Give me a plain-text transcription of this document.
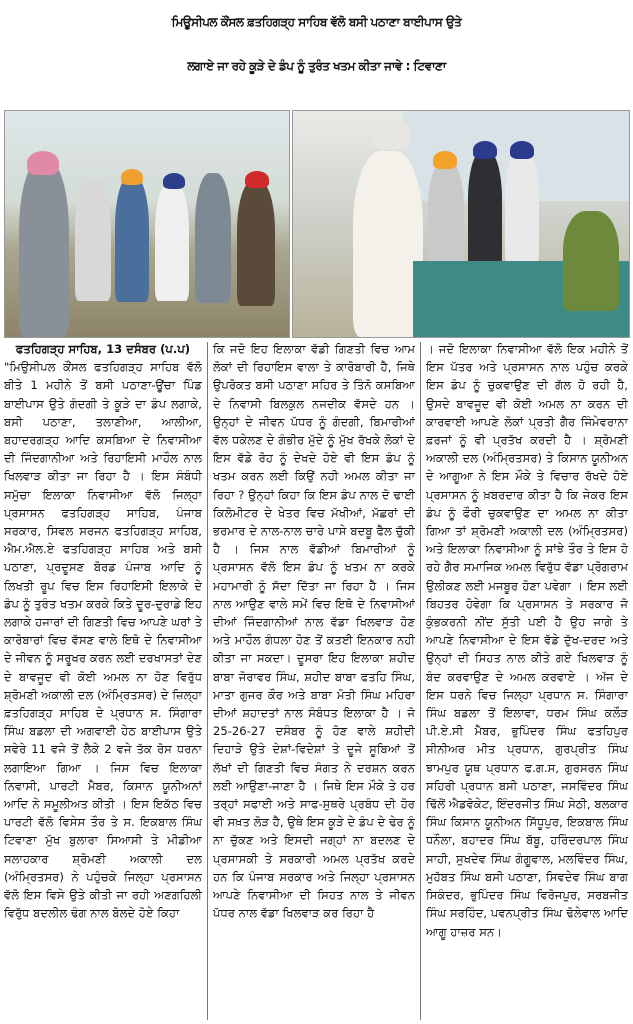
ਮਿਊਸੀਪਲ ਕੌਂਸਲ ਫ਼ਤਹਿਗੜ੍ਹ ਸਾਹਿਬ ਵੱਲੋ ਬਸੀ ਪਠਾਣਾ ਬਾਈਪਾਸ ਉਤੇ
ਲਗਾਏ ਜਾ ਰਹੇ ਕੂੜੇ ਦੇ ਡੰਪ ਨੂੰ ਤੁਰੰਤ ਖਤਮ ਕੀਤਾ ਜਾਵੇ : ਟਿਵਾਣਾ
ਫਤਹਿਗੜ੍ਹ ਸਾਹਿਬ, 13 ਦਸੰਬਰ (ਪ.ਪ)
"ਮਿਉਸੀਪਲ ਕੌਂਸਲ ਫਤਹਿਗੜ੍ਹ ਸਾਹਿਬ ਵੱਲੋ ਬੀਤੇ 1 ਮਹੀਨੇ ਤੋਂ ਬਸੀ ਪਠਾਣਾ-ਊਂਚਾ ਪਿੰਡ ਬਾਈਪਾਸ ਉਤੇ ਗੰਦਗੀ ਤੇ ਕੂੜੇ ਦਾ ਡੰਪ ਲਗਾਕੇ, ਬਸੀ ਪਠਾਣਾ, ਤਲਾਣੀਆ, ਆਲੀਆ, ਬਹਾਦਰਗੜ੍ਹ ਆਦਿ ਕਸਬਿਆ ਦੇ ਨਿਵਾਸੀਆ ਦੀ ਜਿੰਦਗਾਨੀਆ ਅਤੇ ਰਿਹਾਇਸੀ ਮਾਹੌਲ ਨਾਲ ਖਿਲਵਾੜ ਕੀਤਾ ਜਾ ਰਿਹਾ ਹੈ । ਇਸ ਸੰਬੰਧੀ ਸਮੁੱਚਾ ਇਲਾਕਾ ਨਿਵਾਸੀਆ ਵੱਲੋ ਜਿਲ੍ਹਾ ਪ੍ਰਸਾਸਨ ਫਤਹਿਗੜ੍ਹ ਸਾਹਿਬ, ਪੰਜਾਬ ਸਰਕਾਰ, ਸਿਵਲ ਸਰਜਨ ਫਤਹਿਗੜ੍ਹ ਸਾਹਿਬ, ਐਮ.ਐਲ.ਏ ਫਤਹਿਗੜ੍ਹ ਸਾਹਿਬ ਅਤੇ ਬਸੀ ਪਠਾਣਾ, ਪ੍ਰਦੂਸਣ ਬੋਰਡ ਪੰਜਾਬ ਆਦਿ ਨੂੰ ਲਿਖਤੀ ਰੂਪ ਵਿਚ ਇਸ ਰਿਹਾਇਸੀ ਇਲਾਕੇ ਦੇ ਡੰਪ ਨੂੰ ਤੁਰੰਤ ਖਤਮ ਕਰਕੇ ਕਿਤੇ ਦੂਰ-ਦੁਰਾਡੇ ਇਹ ਲਗਾਕੇ ਹਜਾਰਾਂ ਦੀ ਗਿਣਤੀ ਵਿਚ ਆਪਣੇ ਘਰਾਂ ਤੇ ਕਾਰੋਬਾਰਾਂ ਵਿਚ ਵੱਸਣ ਵਾਲੇ ਇਥੋ ਦੇ ਨਿਵਾਸੀਆ ਦੇ ਜੀਵਨ ਨੂੰ ਸਰੂਖਰ ਕਰਨ ਲਈ ਦਰਖਾਸਤਾਂ ਦੇਣ ਦੇ ਬਾਵਜੂਦ ਵੀ ਕੋਈ ਅਮਲ ਨਾ ਹੋਣ ਵਿਰੁੱਧ ਸ਼੍ਰੋਮਣੀ ਅਕਾਲੀ ਦਲ (ਅੰਮ੍ਰਿਤਸਰ) ਦੇ ਜ਼ਿਲ੍ਹਾ ਫ਼ਤਹਿਗੜ੍ਹ ਸਾਹਿਬ ਦੇ ਪ੍ਰਧਾਨ ਸ. ਸਿੰਗਾਰਾ ਸਿੰਘ ਬਡਲਾ ਦੀ ਅਗਵਾਈ ਹੇਠ ਬਾਈਪਾਸ ਉਤੇ ਸਵੇਰੇ 11 ਵਜੇ ਤੋਂ ਲੈਕੇ 2 ਵਜੇ ਤੱਕ ਰੋਸ ਧਰਨਾ ਲਗਾਇਆ ਗਿਆ । ਜਿਸ ਵਿਚ ਇਲਾਕਾ ਨਿਵਾਸੀ, ਪਾਰਟੀ ਮੈਬਰ, ਕਿਸਾਨ ਯੂਨੀਅਨਾਂ ਆਦਿ ਨੇ ਸਮੂਲੀਅਤ ਕੀਤੀ । ਇਸ ਇਕੱਠ ਵਿਚ ਪਾਰਟੀ ਵੱਲੋ ਵਿਸੇਸ ਤੌਰ ਤੇ ਸ. ਇਕਬਾਲ ਸਿੰਘ ਟਿਵਾਣਾ ਮੁੱਖ ਬੁਲਾਰਾ ਸਿਆਸੀ ਤੇ ਮੀਡੀਆ ਸਲਾਹਕਾਰ ਸ਼੍ਰੋਮਣੀ ਅਕਾਲੀ ਦਲ (ਅੰਮ੍ਰਿਤਸਰ) ਨੇ ਪਹੁੰਚਕੇ ਜਿਲ੍ਹਾ ਪ੍ਰਸਾਸਨ ਵੱਲੋ ਇਸ ਵਿਸੇ ਉਤੇ ਕੀਤੀ ਜਾ ਰਹੀ ਅਣਗਹਿਲੀ ਵਿਰੁੱਧ ਬਦਲੀਲ ਢੰਗ ਨਾਲ ਬੋਲਦੇ ਹੋਏ ਕਿਹਾ
ਕਿ ਜਦੋ ਇਹ ਇਲਾਕਾ ਵੱਡੀ ਗਿਣਤੀ ਵਿਚ ਆਮ ਲੋਕਾਂ ਦੀ ਰਿਹਾਇਸ ਵਾਲਾ ਤੇ ਕਾਰੋਬਾਰੀ ਹੈ, ਜਿਥੇ ਉਪਰੋਕਤ ਬਸੀ ਪਠਾਣਾ ਸਹਿਰ ਤੇ ਤਿੰਨੋ ਕਸਬਿਆ ਦੇ ਨਿਵਾਸੀ ਬਿਲਕੁਲ ਨਜਦੀਕ ਵੱਸਦੇ ਹਨ । ਉਨ੍ਹਾਂ ਦੇ ਜੀਵਨ ਪੱਧਰ ਨੂੰ ਗੰਦਗੀ, ਬਿਮਾਰੀਆਂ ਵੱਲ ਧਕੇਲਣ ਦੇ ਗੰਭੀਰ ਮੁੱਦੇ ਨੂੰ ਮੁੱਖ ਰੱਖਕੇ ਲੋਕਾਂ ਦੇ ਇਸ ਵੱਡੇ ਰੋਹ ਨੂੰ ਦੇਖਦੇ ਹੋਏ ਵੀ ਇਸ ਡੰਪ ਨੂੰ ਖਤਮ ਕਰਨ ਲਈ ਕਿਉਂ ਨਹੀ ਅਮਲ ਕੀਤਾ ਜਾ ਰਿਹਾ ? ਉਨ੍ਹਾਂ ਕਿਹਾ ਕਿ ਇਸ ਡੰਪ ਨਾਲ ਦੋ ਢਾਈ ਕਿਲੋਮੀਟਰ ਦੇ ਖੇਤਰ ਵਿਚ ਮੱਖੀਆਂ, ਮੱਛਰਾਂ ਦੀ ਭਰਮਾਰ ਦੇ ਨਾਲ-ਨਾਲ ਚਾਰੇ ਪਾਸੇ ਬਦਬੂ ਫੈਲ ਚੁੱਕੀ ਹੈ । ਜਿਸ ਨਾਲ ਵੱਡੀਆਂ ਬਿਮਾਰੀਆਂ ਨੂੰ ਪ੍ਰਸਾਸਨ ਵੱਲੋ ਇਸ ਡੰਪ ਨੂੰ ਖਤਮ ਨਾ ਕਰਕੇ ਮਹਾਮਾਰੀ ਨੂੰ ਸੱਦਾ ਦਿੱਤਾ ਜਾ ਰਿਹਾ ਹੈ । ਜਿਸ ਨਾਲ ਆਉਣ ਵਾਲੇ ਸਮੇਂ ਵਿਚ ਇਥੋ ਦੇ ਨਿਵਾਸੀਆਂ ਦੀਆਂ ਜਿੰਦਗਾਨੀਆਂ ਨਾਲ ਵੱਡਾ ਖਿਲਵਾੜ ਹੋਣ ਅਤੇ ਮਾਹੌਲ ਗੰਧਲਾ ਹੋਣ ਤੋਂ ਕਤਈ ਇਨਕਾਰ ਨਹੀ ਕੀਤਾ ਜਾ ਸਕਦਾ। ਦੂਸਰਾ ਇਹ ਇਲਾਕਾ ਸ਼ਹੀਦ ਬਾਬਾ ਜੋਰਾਵਰ ਸਿੰਘ, ਸ਼ਹੀਦ ਬਾਬਾ ਫਤਹਿ ਸਿੰਘ, ਮਾਤਾ ਗੁਜਰ ਕੌਰ ਅਤੇ ਬਾਬਾ ਮੋਤੀ ਸਿੰਘ ਮਹਿਰਾ ਦੀਆਂ ਸ਼ਹਾਦਤਾਂ ਨਾਲ ਸੰਬੰਧਤ ਇਲਾਕਾ ਹੈ । ਜੋ 25-26-27 ਦਸੰਬਰ ਨੂੰ ਹੋਣ ਵਾਲੇ ਸ਼ਹੀਦੀ ਦਿਹਾੜੇ ਉਤੇ ਦੇਸ਼ਾਂ-ਵਿਦੇਸ਼ਾਂ ਤੇ ਦੂਜੇ ਸੂਬਿਆਂ ਤੋਂ ਲੱਖਾਂ ਦੀ ਗਿਣਤੀ ਵਿਚ ਸੰਗਤ ਨੇ ਦਰਸ਼ਨ ਕਰਨ ਲਈ ਆਉਣਾ-ਜਾਣਾ ਹੈ । ਜਿਥੇ ਇਸ ਮੌਕੇ ਤੇ ਹਰ ਤਰ੍ਹਾਂ ਸਫਾਈ ਅਤੇ ਸਾਫ-ਸੁਥਰੇ ਪ੍ਰਬੰਧ ਦੀ ਹੋਰ ਵੀ ਸਖ਼ਤ ਲੋੜ ਹੈ, ਉਥੇ ਇਸ ਕੂੜੇ ਦੇ ਡੰਪ ਦੇ ਢੇਰ ਨੂੰ ਨਾ ਚੁੱਕਣ ਅਤੇ ਇਸਦੀ ਜਗ੍ਹਾਂ ਨਾ ਬਦਲਣ ਦੇ ਪ੍ਰਸਾਸਕੀ ਤੇ ਸਰਕਾਰੀ ਅਮਲ ਪ੍ਰਤੱਖ ਕਰਦੇ ਹਨ ਕਿ ਪੰਜਾਬ ਸਰਕਾਰ ਅਤੇ ਜਿਲ੍ਹਾ ਪ੍ਰਸਾਸਨ ਆਪਣੇ ਨਿਵਾਸੀਆ ਦੀ ਸਿਹਤ ਨਾਲ ਤੇ ਜੀਵਨ ਪੱਧਰ ਨਾਲ ਵੱਡਾ ਖਿਲਵਾੜ ਕਰ ਰਿਹਾ ਹੈ
। ਜਦੋ ਇਲਾਕਾ ਨਿਵਾਸੀਆ ਵੱਲੋ ਇਕ ਮਹੀਨੇ ਤੋਂ ਇਸ ਪੱਤਰ ਅਤੇ ਪ੍ਰਸਾਸਨ ਨਾਲ ਪਹੁੰਚ ਕਰਕੇ ਇਸ ਡੰਪ ਨੂੰ ਚੁਕਵਾਉਣ ਦੀ ਗੱਲ ਹੋ ਰਹੀ ਹੈ, ਉਸਦੇ ਬਾਵਜੂਦ ਵੀ ਕੋਈ ਅਮਲ ਨਾ ਕਰਨ ਦੀ ਕਾਰਵਾਈ ਆਪਣੇ ਲੋਕਾਂ ਪ੍ਰਤੀ ਗੈਰ ਜਿੰਮੇਵਰਾਨਾ ਫ਼ਰਜਾਂ ਨੂੰ ਵੀ ਪ੍ਰਤੱਖ ਕਰਦੀ ਹੈ । ਸ਼੍ਰੋਮਣੀ ਅਕਾਲੀ ਦਲ (ਅੰਮ੍ਰਿਤਸਰ) ਤੇ ਕਿਸਾਨ ਯੂਨੀਅਨ ਦੇ ਆਗੂਆ ਨੇ ਇਸ ਮੌਕੇ ਤੇ ਵਿਚਾਰ ਰੱਖਦੇ ਹੋਏ ਪ੍ਰਸਾਸਨ ਨੂੰ ਖ਼ਬਰਦਾਰ ਕੀਤਾ ਹੈ ਕਿ ਜੇਕਰ ਇਸ ਡੰਪ ਨੂੰ ਫੌਰੀ ਚੁਕਵਾਉਣ ਦਾ ਅਮਲ ਨਾ ਕੀਤਾ ਗਿਆ ਤਾਂ ਸ਼੍ਰੋਮਣੀ ਅਕਾਲੀ ਦਲ (ਅੰਮ੍ਰਿਤਸਰ) ਅਤੇ ਇਲਾਕਾ ਨਿਵਾਸੀਆ ਨੂੰ ਸਾਂਝੇ ਤੌਰ ਤੇ ਇਸ ਹੋ ਰਹੇ ਗੈਰ ਸਮਾਜਿਕ ਅਮਲ ਵਿਰੁੱਧ ਵੱਡਾ ਪ੍ਰੋਗਰਾਮ ਉਲੀਕਣ ਲਈ ਮਜਬੂਰ ਹੋਣਾ ਪਵੇਗਾ । ਇਸ ਲਈ ਬਿਹਤਰ ਹੋਵੇਗਾ ਕਿ ਪ੍ਰਸਾਸਨ ਤੇ ਸਰਕਾਰ ਜੋ ਕੁੰਭਕਰਨੀ ਨੀਂਦ ਸੁੱਤੀ ਪਈ ਹੈ ਉਹ ਜਾਗੇ ਤੇ ਆਪਣੇ ਨਿਵਾਸੀਆ ਦੇ ਇਸ ਵੱਡੇ ਦੁੱਖ-ਦਰਦ ਅਤੇ ਉਨ੍ਹਾਂ ਦੀ ਸਿਹਤ ਨਾਲ ਕੀਤੇ ਗਏ ਖਿਲਵਾੜ ਨੂੰ ਬੰਦ ਕਰਵਾਉਣ ਦੇ ਅਮਲ ਕਰਵਾਏ । ਅੱਜ ਦੇ ਇਸ ਧਰਨੇ ਵਿਚ ਜਿਲ੍ਹਾ ਪ੍ਰਧਾਨ ਸ. ਸਿੰਗਾਰਾ ਸਿੰਘ ਬਡਲਾ ਤੋਂ ਇਲਾਵਾ, ਧਰਮ ਸਿੰਘ ਕਲੌੜ ਪੀ.ਏ.ਸੀ ਮੈਬਰ, ਭੁਪਿੰਦਰ ਸਿੰਘ ਫਤਹਿਪੁਰ ਸੀਨੀਅਰ ਮੀਤ ਪ੍ਰਧਾਨ, ਗੁਰਪ੍ਰੀਤ ਸਿੰਘ ਝਾਮਪੁਰ ਯੂਥ ਪ੍ਰਧਾਨ ਫ.ਗ.ਸ, ਗੁਰਸਰਨ ਸਿੰਘ ਸਹਿਰੀ ਪ੍ਰਧਾਨ ਬਸੀ ਪਠਾਣਾ, ਜਸਵਿੰਦਰ ਸਿੰਘ ਢਿੱਲੋਂ ਐਡਵੋਕੇਟ, ਇੰਦਰਜੀਤ ਸਿੰਘ ਸੇਠੀ, ਬਲਕਾਰ ਸਿੰਘ ਕਿਸਾਨ ਯੂਨੀਅਨ ਸਿੱਧੂਪੁਰ, ਇਕਬਾਲ ਸਿੰਘ ਧਨੌਲਾ, ਬਹਾਦਰ ਸਿੰਘ ਬੱਬੂ, ਹਰਿੰਦਰਪਾਲ ਸਿੰਘ ਸਾਹੀ, ਸੁਖਦੇਵ ਸਿੰਘ ਗੰਗੂਵਾਲ, ਮਲਵਿੰਦਰ ਸਿੰਘ, ਮੁਹੱਬਤ ਸਿੰਘ ਬਸੀ ਪਠਾਣਾ, ਸਿਵਦੇਵ ਸਿੰਘ ਬਾਗ ਸਿਕੰਦਰ, ਭੁਪਿੰਦਰ ਸਿੰਘ ਵਿਰੋਜਪੁਰ, ਸਰਬਜੀਤ ਸਿੰਘ ਸਰਹਿੰਦ, ਪਵਨਪ੍ਰੀਤ ਸਿੰਘ ਢੋਲੇਵਾਲ ਆਦਿ ਆਗੂ ਹਾਜ਼ਰ ਸਨ।
